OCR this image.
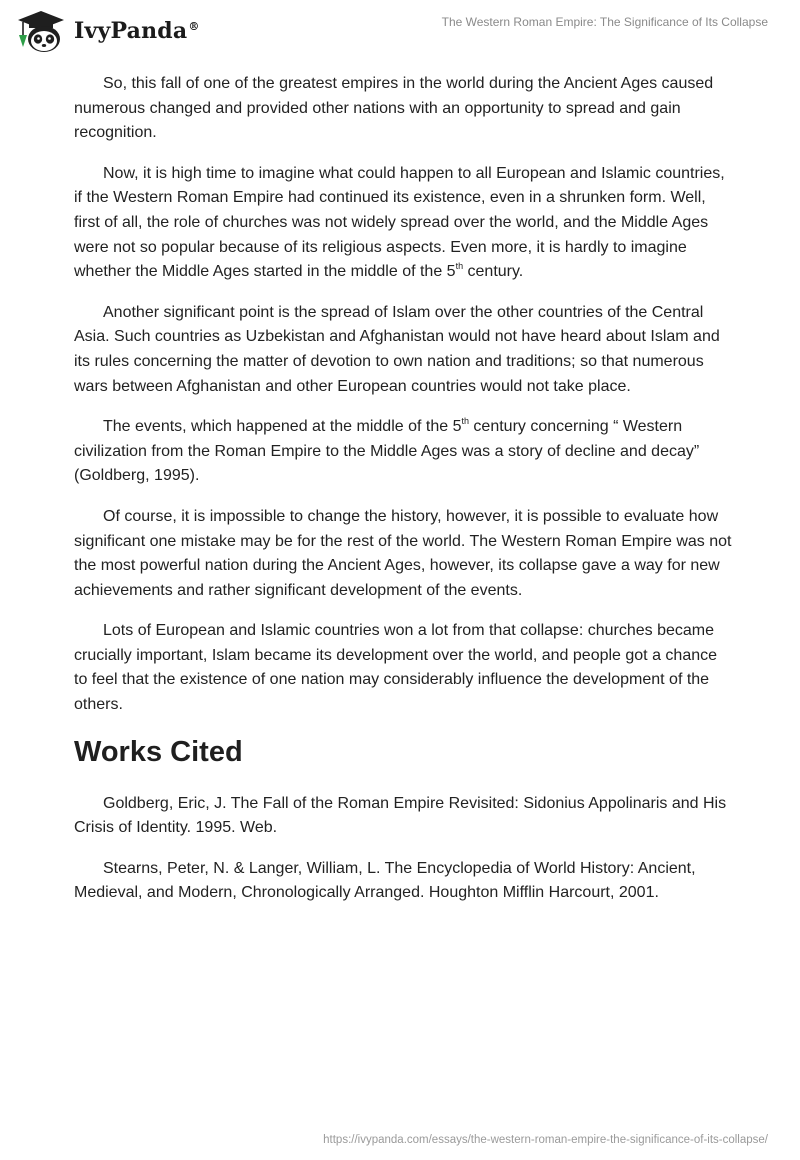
IvyPanda®	The Western Roman Empire: The Significance of Its Collapse

So, this fall of one of the greatest empires in the world during the Ancient Ages caused numerous changed and provided other nations with an opportunity to spread and gain recognition.

Now, it is high time to imagine what could happen to all European and Islamic countries, if the Western Roman Empire had continued its existence, even in a shrunken form. Well, first of all, the role of churches was not widely spread over the world, and the Middle Ages were not so popular because of its religious aspects. Even more, it is hardly to imagine whether the Middle Ages started in the middle of the 5th century.

Another significant point is the spread of Islam over the other countries of the Central Asia. Such countries as Uzbekistan and Afghanistan would not have heard about Islam and its rules concerning the matter of devotion to own nation and traditions; so that numerous wars between Afghanistan and other European countries would not take place.

The events, which happened at the middle of the 5th century concerning “ Western civilization from the Roman Empire to the Middle Ages was a story of decline and decay” (Goldberg, 1995).

Of course, it is impossible to change the history, however, it is possible to evaluate how significant one mistake may be for the rest of the world. The Western Roman Empire was not the most powerful nation during the Ancient Ages, however, its collapse gave a way for new achievements and rather significant development of the events.

Lots of European and Islamic countries won a lot from that collapse: churches became crucially important, Islam became its development over the world, and people got a chance to feel that the existence of one nation may considerably influence the development of the others.

Works Cited

Goldberg, Eric, J. The Fall of the Roman Empire Revisited: Sidonius Appolinaris and His Crisis of Identity. 1995. Web.

Stearns, Peter, N. & Langer, William, L. The Encyclopedia of World History: Ancient, Medieval, and Modern, Chronologically Arranged. Houghton Mifflin Harcourt, 2001.

https://ivypanda.com/essays/the-western-roman-empire-the-significance-of-its-collapse/
